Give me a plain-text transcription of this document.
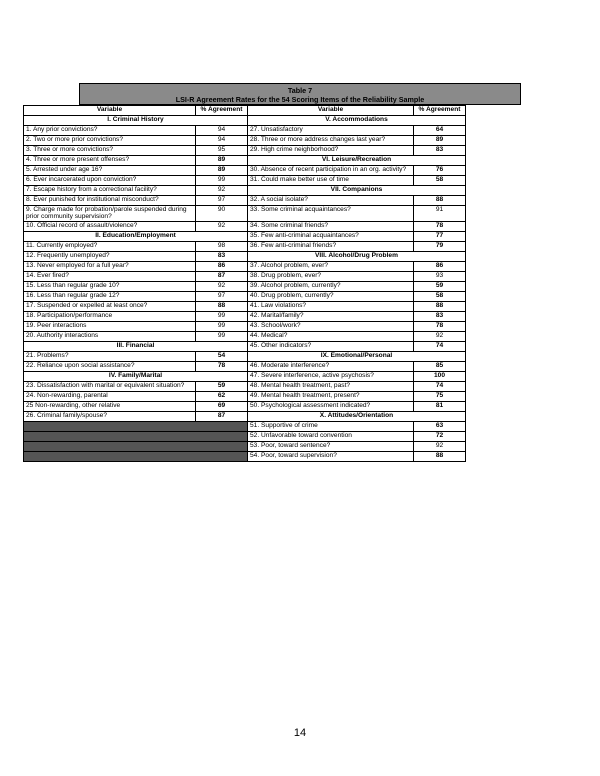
Table 7
LSI-R Agreement Rates for the 54 Scoring Items of the Reliability Sample
Variable	% Agreement	Variable	% Agreement
I. Criminal History		V. Accommodations	
1. Any prior convictions?	94	27. Unsatisfactory	64
2. Two or more prior convictions?	94	28. Three or more address changes last year?	89
3. Three or more convictions?	95	29. High crime neighborhood?	83
4. Three or more present offenses?	89	VI. Leisure/Recreation	
5. Arrested under age 16?	89	30. Absence of recent participation in an org. activity?	76
6. Ever incarcerated upon conviction?	99	31. Could make better use of time	58
7. Escape history from a correctional facility?	92	VII. Companions	
8. Ever punished for institutional misconduct?	97	32. A social isolate?	88
9. Charge made for probation/parole suspended during prior community supervision?	90	33. Some criminal acquaintances?	91
10. Official record of assault/violence?	92	34. Some criminal friends?	78
II. Education/Employment		35. Few anti-criminal acquaintances?	77
11. Currently employed?	98	36. Few anti-criminal friends?	79
12. Frequently unemployed?	83	VIII. Alcohol/Drug Problem	
13. Never employed for a full year?	86	37. Alcohol problem, ever?	86
14. Ever fired?	87	38. Drug problem, ever?	93
15. Less than regular grade 10?	92	39. Alcohol problem, currently?	59
16. Less than regular grade 12?	97	40. Drug problem, currently?	58
17. Suspended or expelled at least once?	88	41. Law violations?	88
18. Participation/performance	99	42. Marital/family?	83
19. Peer interactions	99	43. School/work?	78
20. Authority interactions	99	44. Medical?	92
III. Financial		45. Other indicators?	74
21. Problems?	54	IX. Emotional/Personal	
22. Reliance upon social assistance?	78	46. Moderate interference?	85
IV. Family/Marital		47. Severe interference, active psychosis?	100
23. Dissatisfaction with marital or equivalent situation?	59	48. Mental health treatment, past?	74
24. Non-rewarding, parental	62	49. Mental health treatment, present?	75
25 Non-rewarding, other relative	69	50. Psychological assessment indicated?	81
26. Criminal family/spouse?	87	X. Attitudes/Orientation	
		51. Supportive of crime	63
		52. Unfavorable toward convention	72
		53. Poor, toward sentence?	92
		54. Poor, toward supervision?	88
14
